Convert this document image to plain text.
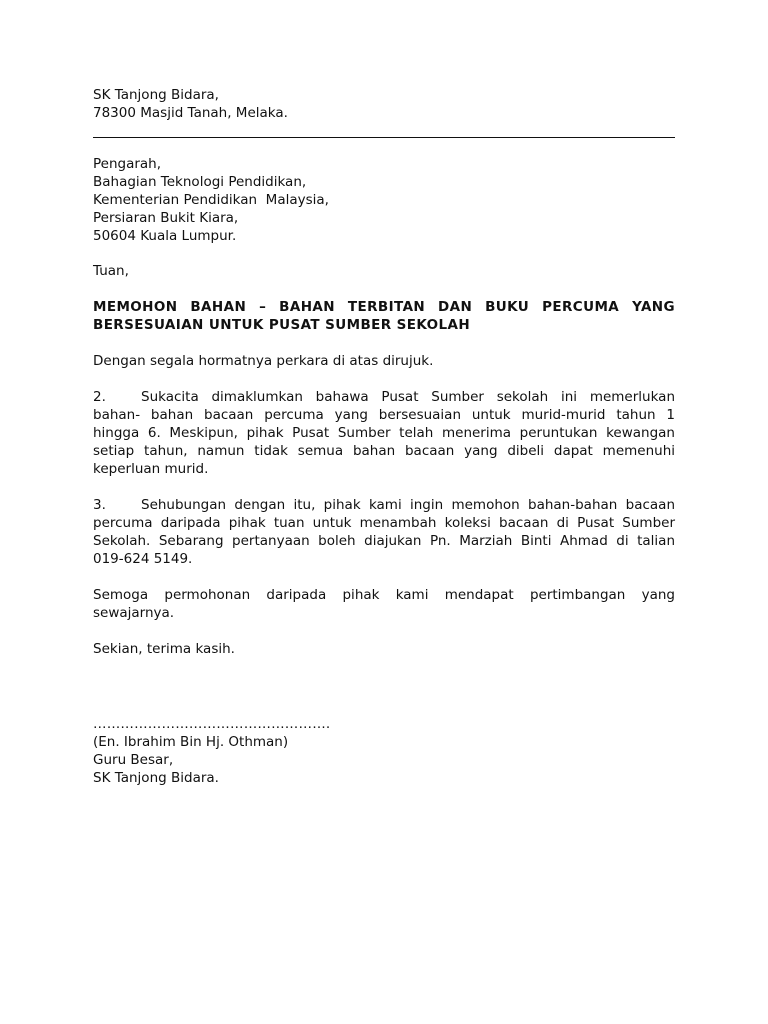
SK Tanjong Bidara,
78300 Masjid Tanah, Melaka.
Pengarah,
Bahagian Teknologi Pendidikan,
Kementerian Pendidikan  Malaysia,
Persiaran Bukit Kiara,
50604 Kuala Lumpur.
Tuan,
MEMOHON BAHAN – BAHAN TERBITAN DAN BUKU PERCUMA YANG
BERSESUAIAN UNTUK PUSAT SUMBER SEKOLAH
Dengan segala hormatnya perkara di atas dirujuk.
2.	Sukacita dimaklumkan bahawa Pusat Sumber sekolah ini memerlukan
bahan- bahan bacaan percuma yang bersesuaian untuk murid-murid tahun 1
hingga 6. Meskipun, pihak Pusat Sumber telah menerima peruntukan kewangan
setiap tahun, namun tidak semua bahan bacaan yang dibeli dapat memenuhi
keperluan murid.
3.	Sehubungan dengan itu, pihak kami ingin memohon bahan-bahan bacaan
percuma daripada pihak tuan untuk menambah koleksi bacaan di Pusat Sumber
Sekolah. Sebarang pertanyaan boleh diajukan Pn. Marziah Binti Ahmad di talian
019-624 5149.
Semoga permohonan daripada pihak kami mendapat pertimbangan yang
sewajarnya.
Sekian, terima kasih.
…………………………………………….
(En. Ibrahim Bin Hj. Othman)
Guru Besar,
SK Tanjong Bidara.
